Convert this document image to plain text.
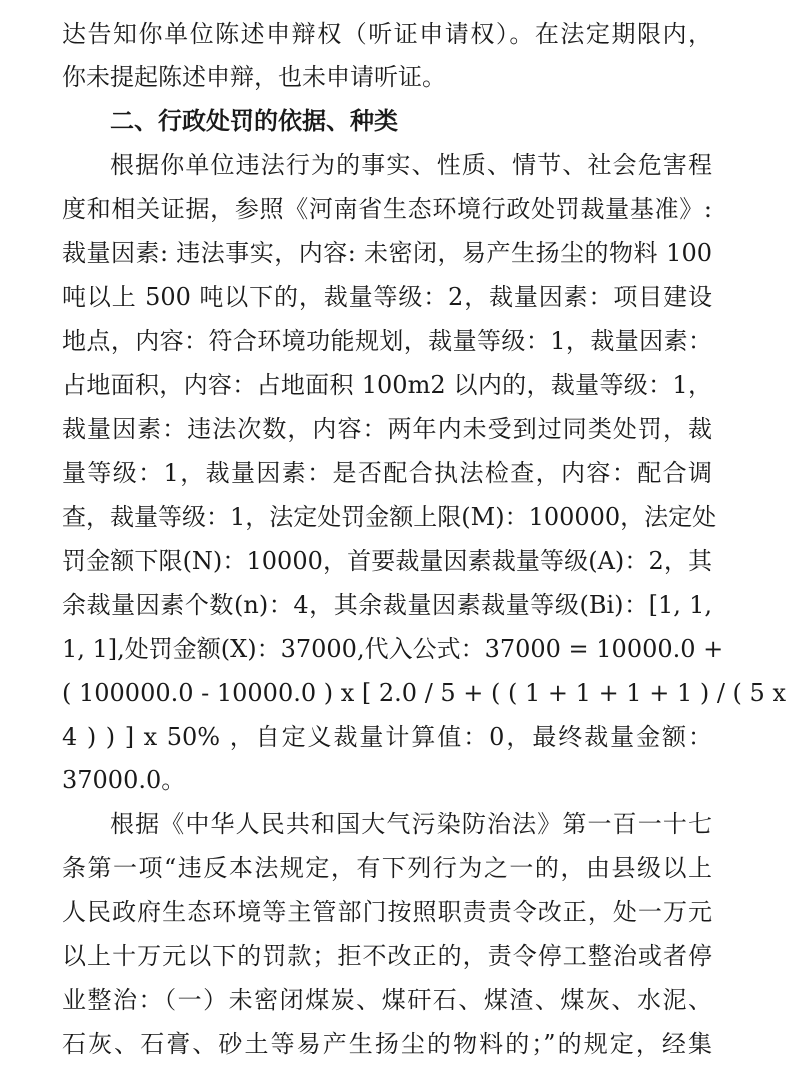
达告知你单位陈述申辩权（听证申请权）。在法定期限内，
你未提起陈述申辩，也未申请听证。
二、行政处罚的依据、种类
根据你单位违法行为的事实、性质、情节、社会危害程
度和相关证据，参照《河南省生态环境行政处罚裁量基准》:
裁量因素: 违法事实，内容: 未密闭，易产生扬尘的物料 100
吨以上 500 吨以下的，裁量等级：2，裁量因素：项目建设
地点，内容：符合环境功能规划，裁量等级：1，裁量因素：
占地面积，内容：占地面积 100m2 以内的，裁量等级：1，
裁量因素：违法次数，内容：两年内未受到过同类处罚，裁
量等级：1，裁量因素：是否配合执法检查，内容：配合调
查，裁量等级：1，法定处罚金额上限(M)：100000，法定处
罚金额下限(N)：10000，首要裁量因素裁量等级(A)：2，其
余裁量因素个数(n)：4，其余裁量因素裁量等级(Bi)：[1, 1,
1, 1],处罚金额(X)：37000,代入公式：37000 = 10000.0 +
( 100000.0 - 10000.0 ) x [ 2.0 / 5 + ( ( 1 + 1 + 1 + 1 ) / ( 5 x
4 ) ) ] x 50% ，自定义裁量计算值：0，最终裁量金额：
37000.0。
根据《中华人民共和国大气污染防治法》第一百一十七
条第一项“违反本法规定，有下列行为之一的，由县级以上
人民政府生态环境等主管部门按照职责责令改正，处一万元
以上十万元以下的罚款；拒不改正的，责令停工整治或者停
业整治：（一）未密闭煤炭、煤矸石、煤渣、煤灰、水泥、
石灰、石膏、砂土等易产生扬尘的物料的；”的规定，经集
